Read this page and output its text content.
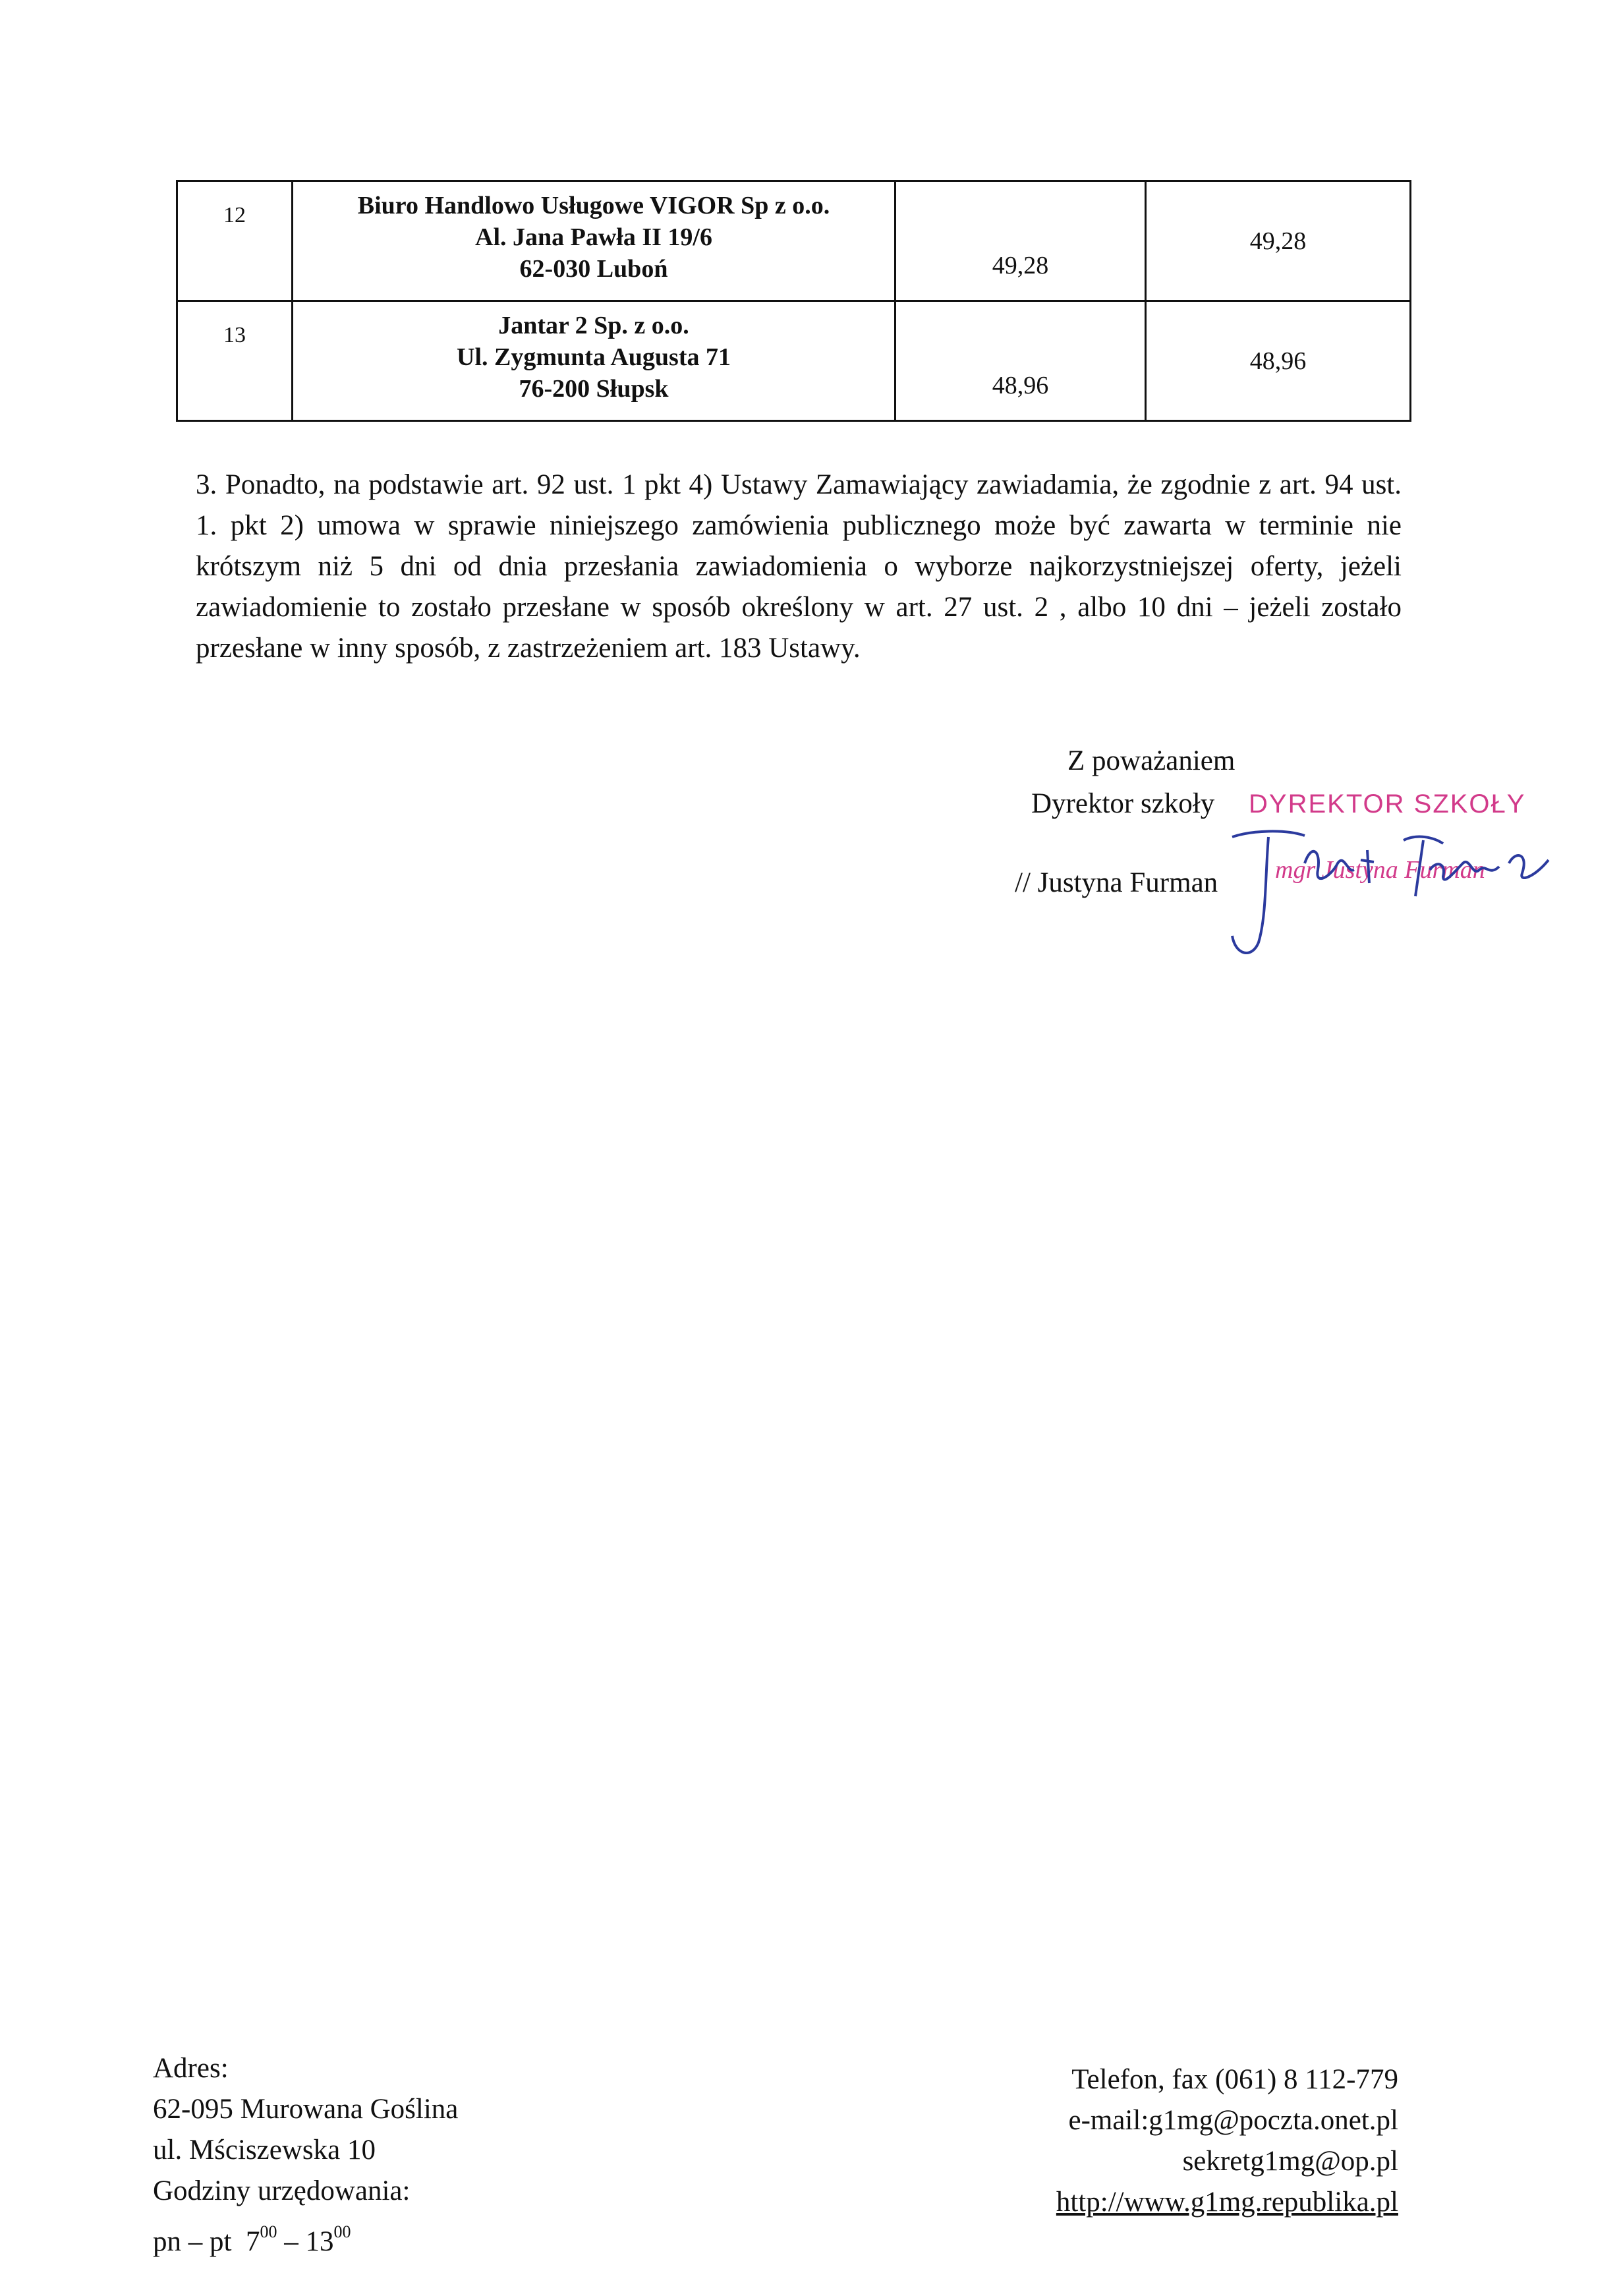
12	Biuro Handlowo Usługowe VIGOR Sp z o.o.
Al. Jana Pawła II 19/6
62-030 Luboń	49,28	49,28
13	Jantar 2 Sp. z o.o.
Ul. Zygmunta Augusta 71
76-200 Słupsk	48,96	48,96
3. Ponadto, na podstawie art. 92 ust. 1 pkt 4) Ustawy Zamawiający zawiadamia, że zgodnie z art. 94 ust. 1. pkt 2) umowa w sprawie niniejszego zamówienia publicznego może być zawarta w terminie nie krótszym niż 5 dni od dnia przesłania zawiadomienia o wyborze najkorzystniejszej oferty, jeżeli zawiadomienie to zostało przesłane w sposób określony w art. 27 ust. 2 , albo 10 dni – jeżeli zostało przesłane w inny sposób, z zastrzeżeniem art. 183 Ustawy.
Z poważaniem
Dyrektor szkoły
// Justyna Furman
DYREKTOR SZKOŁY
mgr Justyna Furman
Adres:
62-095 Murowana Goślina
ul. Mściszewska 10
Godziny urzędowania:
pn – pt $7^{00} - 13^{00}$
Telefon, fax (061) 8 112-779
e-mail:g1mg@poczta.onet.pl
sekretg1mg@op.pl
http://www.g1mg.republika.pl
